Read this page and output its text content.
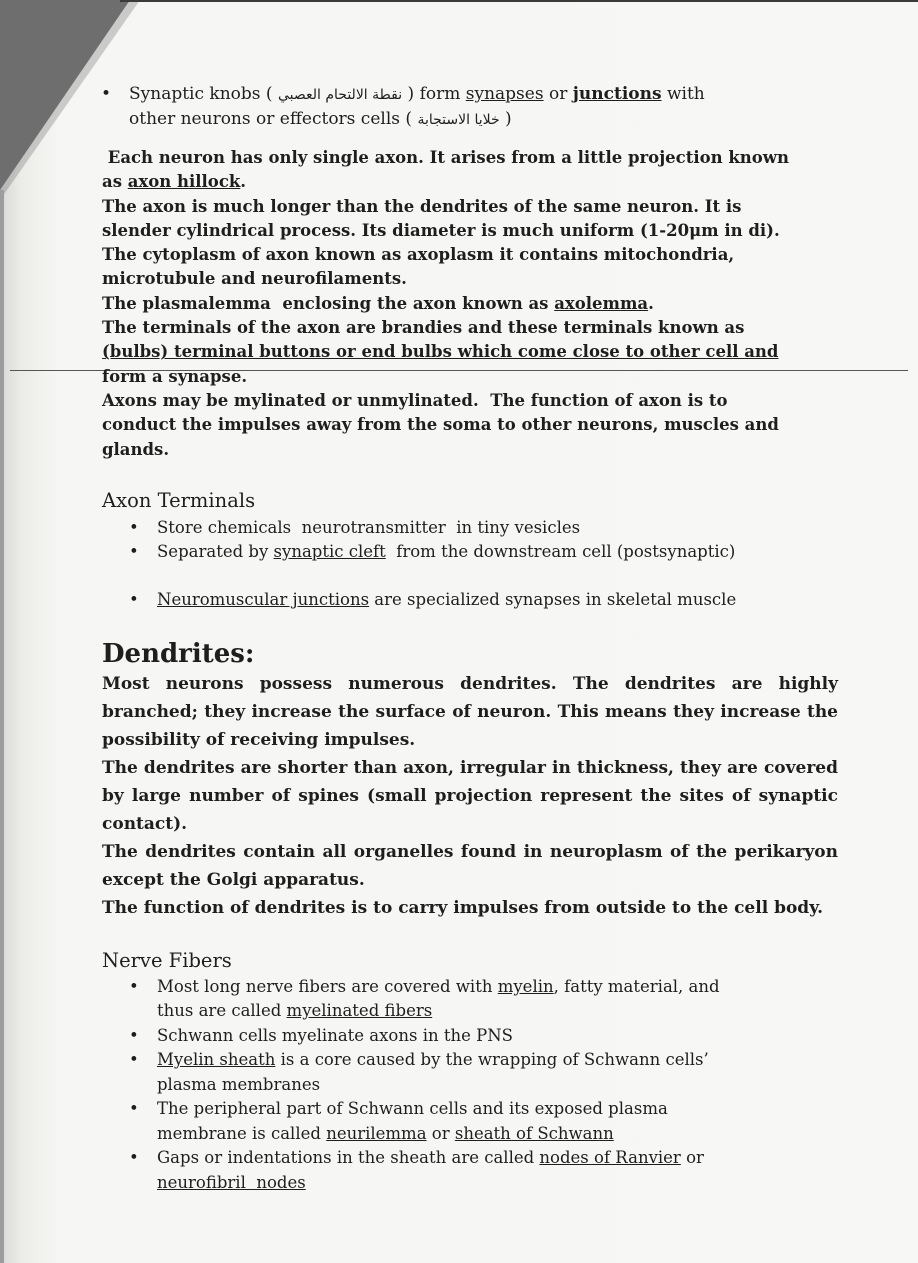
• Synaptic knobs ( نقطة الالتحام العصبي ) form synapses or junctions with
other neurons or effectors cells ( خلايا الاستجابة )

Each neuron has only single axon. It arises from a little projection known

as axon hillock.

The axon is much longer than the dendrites of the same neuron. It is

slender cylindrical process. Its diameter is much uniform (1-20μm in di).

The cytoplasm of axon known as axoplasm it contains mitochondria,

microtubule and neurofilaments.

The plasmalemma  enclosing the axon known as axolemma.

The terminals of the axon are brandies and these terminals known as

(bulbs) terminal buttons or end bulbs which come close to other cell and

form a synapse.

Axons may be mylinated or unmylinated.  The function of axon is to

conduct the impulses away from the soma to other neurons, muscles and

glands.

Axon Terminals
• Store chemicals  neurotransmitter  in tiny vesicles
• Separated by synaptic cleft  from the downstream cell (postsynaptic)
• Neuromuscular junctions are specialized synapses in skeletal muscle
Dendrites:

Most neurons possess numerous dendrites. The dendrites are highly branched; they increase the surface of neuron. This means they increase the possibility of receiving impulses.

The dendrites are shorter than axon, irregular in thickness, they are covered by large number of spines (small projection represent the sites of synaptic contact).

The dendrites contain all organelles found in neuroplasm of the perikaryon except the Golgi apparatus.

The function of dendrites is to carry impulses from outside to the cell body.

Nerve Fibers
• Most long nerve fibers are covered with myelin, fatty material, and
thus are called myelinated fibers
• Schwann cells myelinate axons in the PNS
• Myelin sheath is a core caused by the wrapping of Schwann cells’
plasma membranes
• The peripheral part of Schwann cells and its exposed plasma
membrane is called neurilemma or sheath of Schwann
• Gaps or indentations in the sheath are called nodes of Ranvier or
neurofibril  nodes
